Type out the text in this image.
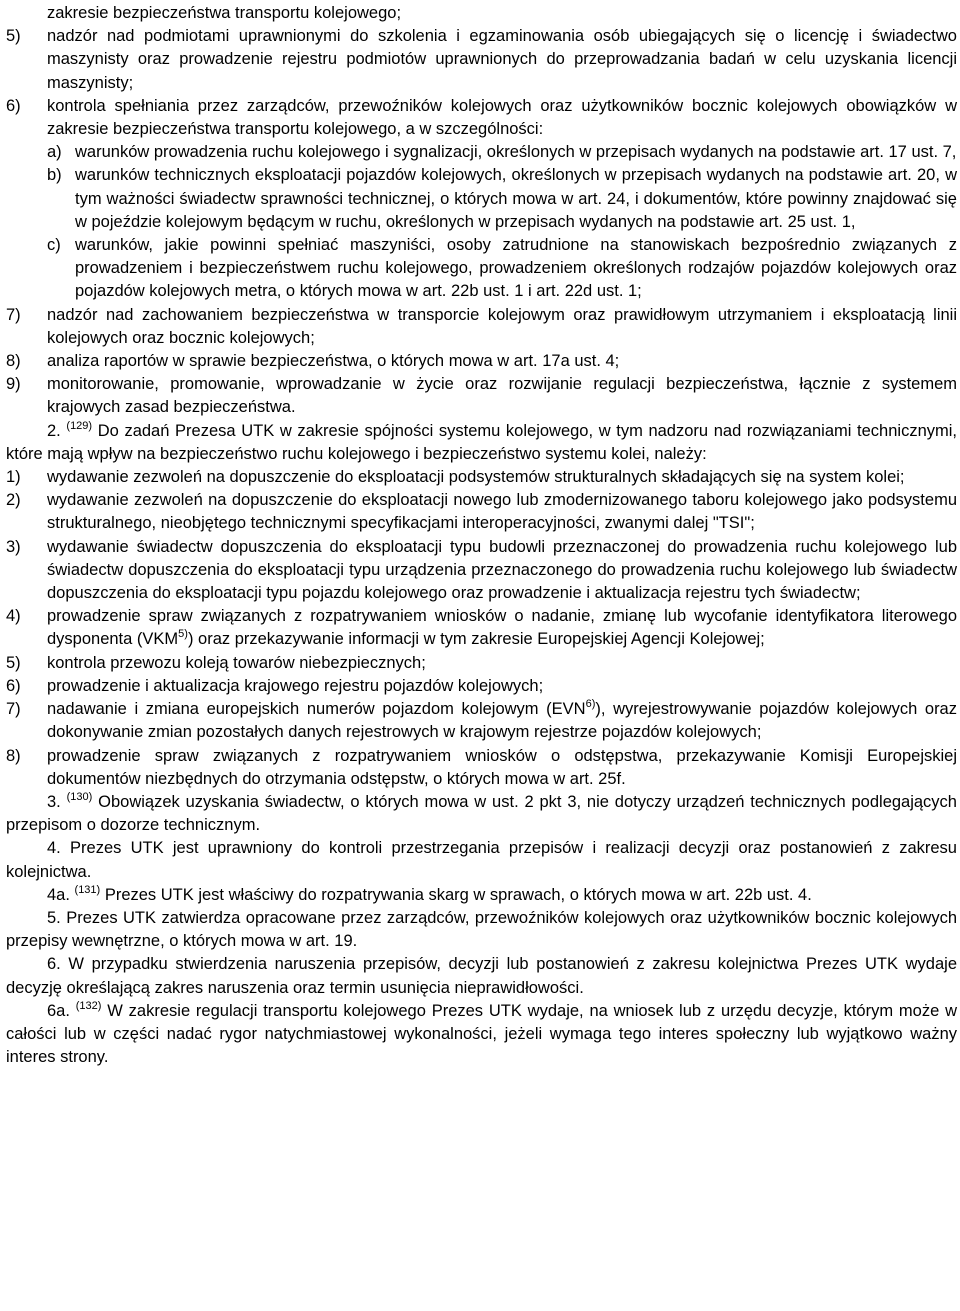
zakresie bezpieczeństwa transportu kolejowego;

5)	nadzór nad podmiotami uprawnionymi do szkolenia i egzaminowania osób ubiegających się o licencję i świadectwo maszynisty oraz prowadzenie rejestru podmiotów uprawnionych do przeprowadzania badań w celu uzyskania licencji maszynisty;
6)	kontrola spełniania przez zarządców, przewoźników kolejowych oraz użytkowników bocznic kolejowych obowiązków w zakresie bezpieczeństwa transportu kolejowego, a w szczególności:
a) warunków prowadzenia ruchu kolejowego i sygnalizacji, określonych w przepisach wydanych na podstawie art. 17 ust. 7,
b) warunków technicznych eksploatacji pojazdów kolejowych, określonych w przepisach wydanych na podstawie art. 20, w tym ważności świadectw sprawności technicznej, o których mowa w art. 24, i dokumentów, które powinny znajdować się w pojeździe kolejowym będącym w ruchu, określonych w przepisach wydanych na podstawie art. 25 ust. 1,
c) warunków, jakie powinni spełniać maszyniści, osoby zatrudnione na stanowiskach bezpośrednio związanych z prowadzeniem i bezpieczeństwem ruchu kolejowego, prowadzeniem określonych rodzajów pojazdów kolejowych oraz pojazdów kolejowych metra, o których mowa w art. 22b ust. 1 i art. 22d ust. 1;
7)	nadzór nad zachowaniem bezpieczeństwa w transporcie kolejowym oraz prawidłowym utrzymaniem i eksploatacją linii kolejowych oraz bocznic kolejowych;
8)	analiza raportów w sprawie bezpieczeństwa, o których mowa w art. 17a ust. 4;
9)	monitorowanie, promowanie, wprowadzanie w życie oraz rozwijanie regulacji bezpieczeństwa, łącznie z systemem krajowych zasad bezpieczeństwa.

2. $^{(129)}$ Do zadań Prezesa UTK w zakresie spójności systemu kolejowego, w tym nadzoru nad rozwiązaniami technicznymi, które mają wpływ na bezpieczeństwo ruchu kolejowego i bezpieczeństwo systemu kolei, należy:

1)	wydawanie zezwoleń na dopuszczenie do eksploatacji podsystemów strukturalnych składających się na system kolei;
2)	wydawanie zezwoleń na dopuszczenie do eksploatacji nowego lub zmodernizowanego taboru kolejowego jako podsystemu strukturalnego, nieobjętego technicznymi specyfikacjami interoperacyjności, zwanymi dalej "TSI";
3)	wydawanie świadectw dopuszczenia do eksploatacji typu budowli przeznaczonej do prowadzenia ruchu kolejowego lub świadectw dopuszczenia do eksploatacji typu urządzenia przeznaczonego do prowadzenia ruchu kolejowego lub świadectw dopuszczenia do eksploatacji typu pojazdu kolejowego oraz prowadzenie i aktualizacja rejestru tych świadectw;
4)	prowadzenie spraw związanych z rozpatrywaniem wniosków o nadanie, zmianę lub wycofanie identyfikatora literowego dysponenta (VKM$^{5)}$) oraz przekazywanie informacji w tym zakresie Europejskiej Agencji Kolejowej;
5)	kontrola przewozu koleją towarów niebezpiecznych;
6)	prowadzenie i aktualizacja krajowego rejestru pojazdów kolejowych;
7)	nadawanie i zmiana europejskich numerów pojazdom kolejowym (EVN$^{6)}$), wyrejestrowywanie pojazdów kolejowych oraz dokonywanie zmian pozostałych danych rejestrowych w krajowym rejestrze pojazdów kolejowych;
8)	prowadzenie spraw związanych z rozpatrywaniem wniosków o odstępstwa, przekazywanie Komisji Europejskiej dokumentów niezbędnych do otrzymania odstępstw, o których mowa w art. 25f.

3. $^{(130)}$ Obowiązek uzyskania świadectw, o których mowa w ust. 2 pkt 3, nie dotyczy urządzeń technicznych podlegających przepisom o dozorze technicznym.

4. Prezes UTK jest uprawniony do kontroli przestrzegania przepisów i realizacji decyzji oraz postanowień z zakresu kolejnictwa.

4a. $^{(131)}$ Prezes UTK jest właściwy do rozpatrywania skarg w sprawach, o których mowa w art. 22b ust. 4.

5. Prezes UTK zatwierdza opracowane przez zarządców, przewoźników kolejowych oraz użytkowników bocznic kolejowych przepisy wewnętrzne, o których mowa w art. 19.

6. W przypadku stwierdzenia naruszenia przepisów, decyzji lub postanowień z zakresu kolejnictwa Prezes UTK wydaje decyzję określającą zakres naruszenia oraz termin usunięcia nieprawidłowości.

6a. $^{(132)}$ W zakresie regulacji transportu kolejowego Prezes UTK wydaje, na wniosek lub z urzędu decyzje, którym może w całości lub w części nadać rygor natychmiastowej wykonalności, jeżeli wymaga tego interes społeczny lub wyjątkowo ważny interes strony.
